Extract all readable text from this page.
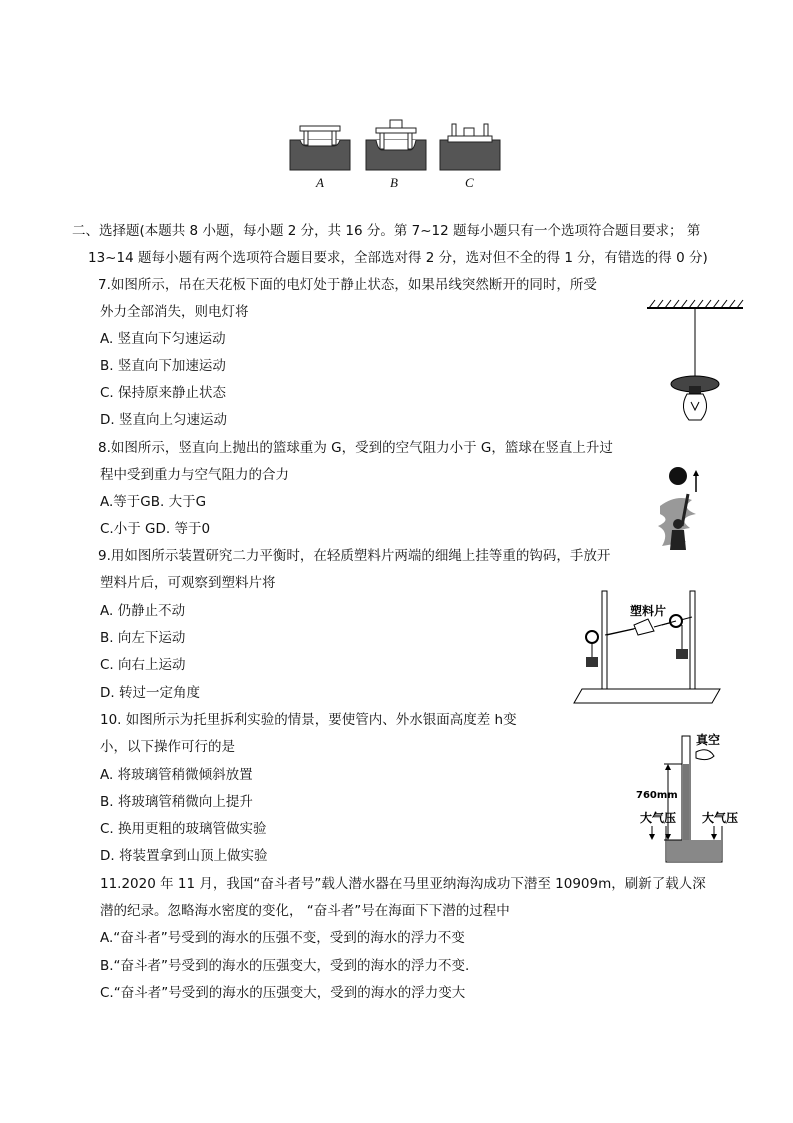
A	B	C
二、选择题(本题共 8 小题，每小题 2 分，共 16 分。第 7~12 题每小题只有一个选项符合题目要求； 第
13~14 题每小题有两个选项符合题目要求，全部选对得 2 分，选对但不全的得 1 分，有错选的得 0 分)
7.如图所示，吊在天花板下面的电灯处于静止状态，如果吊线突然断开的同时，所受
外力全部消失，则电灯将
A. 竖直向下匀速运动
B. 竖直向下加速运动
C. 保持原来静止状态
D. 竖直向上匀速运动
8.如图所示，竖直向上抛出的篮球重为 G，受到的空气阻力小于 G，篮球在竖直上升过
程中受到重力与空气阻力的合力
A.等于GB. 大于G
C.小于 GD. 等于0
9.用如图所示装置研究二力平衡时，在轻质塑料片两端的细绳上挂等重的钩码，手放开
塑料片后，可观察到塑料片将
A. 仍静止不动
B. 向左下运动
C. 向右上运动
D. 转过一定角度
塑料片
10. 如图所示为托里拆利实验的情景，要使管内、外水银面高度差 h变
小，以下操作可行的是
A. 将玻璃管稍微倾斜放置
B. 将玻璃管稍微向上提升
C. 换用更粗的玻璃管做实验
D. 将装置拿到山顶上做实验
真空
760mm
大气压 大气压
11.2020 年 11 月，我国“奋斗者号”载人潜水器在马里亚纳海沟成功下潜至 10909m，刷新了载人深
潜的纪录。忽略海水密度的变化， “奋斗者”号在海面下下潜的过程中
A.“奋斗者”号受到的海水的压强不变，受到的海水的浮力不变
B.“奋斗者”号受到的海水的压强变大，受到的海水的浮力不变.
C.“奋斗者”号受到的海水的压强变大，受到的海水的浮力变大
